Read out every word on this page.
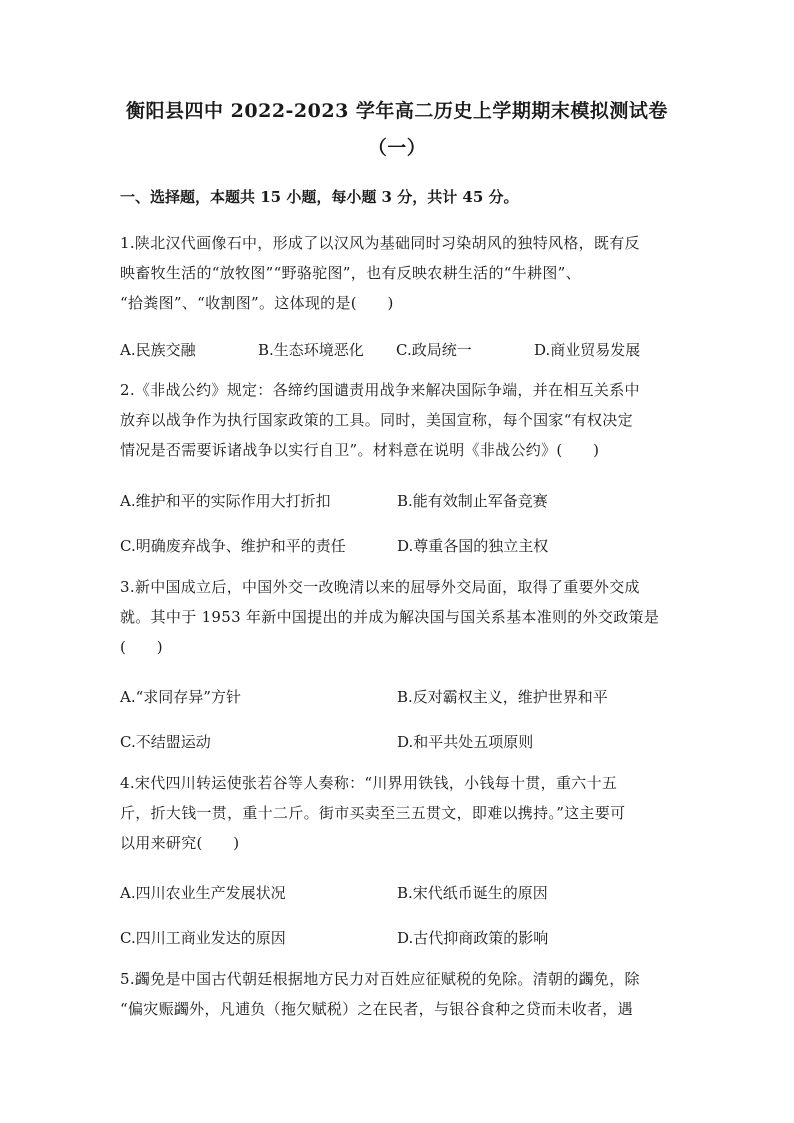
衡阳县四中 2022-2023 学年高二历史上学期期末模拟测试卷
（一）
一、选择题，本题共 15 小题，每小题 3 分，共计 45 分。
1.陕北汉代画像石中，形成了以汉风为基础同时习染胡风的独特风格，既有反
映畜牧生活的“放牧图”“野骆驼图”，也有反映农耕生活的“牛耕图”、
“拾粪图”、“收割图”。这体现的是(　　)
A.民族交融	B.生态环境恶化 C.政局统一	D.商业贸易发展
2.《非战公约》规定：各缔约国谴责用战争来解决国际争端，并在相互关系中
放弃以战争作为执行国家政策的工具。同时，美国宣称，每个国家“有权决定
情况是否需要诉诸战争以实行自卫”。材料意在说明《非战公约》(　　)
A.维护和平的实际作用大打折扣	B.能有效制止军备竞赛
C.明确废弃战争、维护和平的责任	D.尊重各国的独立主权
3.新中国成立后，中国外交一改晚清以来的屈辱外交局面，取得了重要外交成
就。其中于 1953 年新中国提出的并成为解决国与国关系基本准则的外交政策是
(　　)
A.“求同存异”方针	B.反对霸权主义，维护世界和平
C.不结盟运动	D.和平共处五项原则
4.宋代四川转运使张若谷等人奏称：“川界用铁钱，小钱每十贯，重六十五
斤，折大钱一贯，重十二斤。街市买卖至三五贯文，即难以携持。”这主要可
以用来研究(　　)
A.四川农业生产发展状况	B.宋代纸币诞生的原因
C.四川工商业发达的原因	D.古代抑商政策的影响
5.蠲免是中国古代朝廷根据地方民力对百姓应征赋税的免除。清朝的蠲免，除
“偏灾赈蠲外，凡逋负（拖欠赋税）之在民者，与银谷食种之贷而未收者，遇
